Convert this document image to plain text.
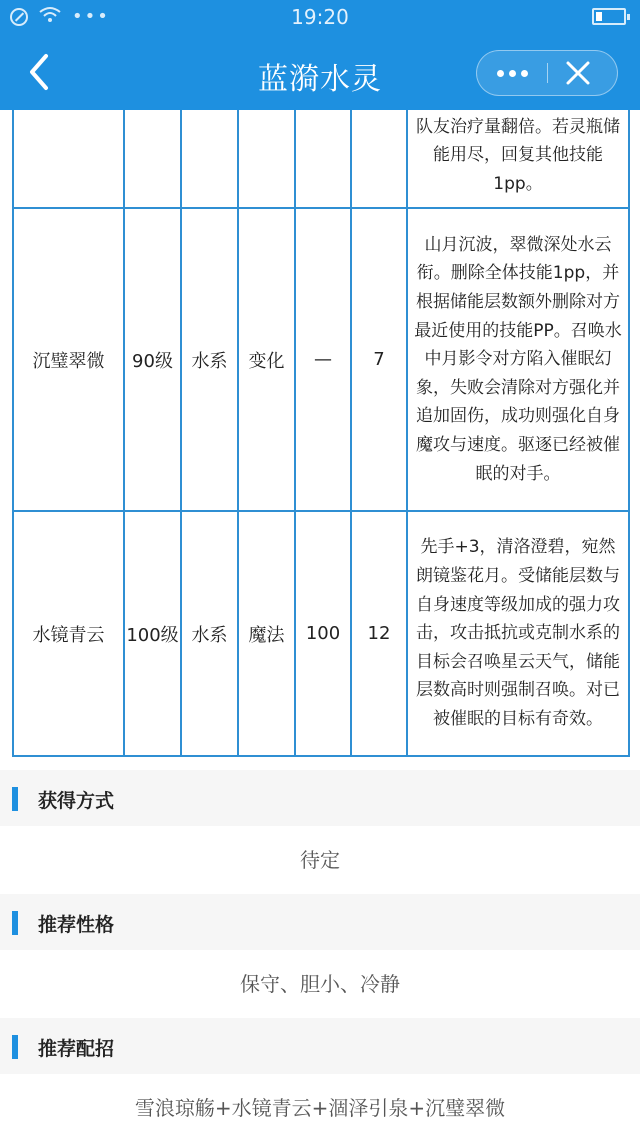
•••	19:20
蓝漪水灵
						队友治疗量翻倍。若灵瓶储能用尽，回复其他技能1pp。
沉璧翠微	90级	水系	变化	—	7	山月沉波，翠微深处水云衔。删除全体技能1pp，并根据储能层数额外删除对方最近使用的技能PP。召唤水中月影令对方陷入催眠幻象，失败会清除对方强化并追加固伤，成功则强化自身魔攻与速度。驱逐已经被催眠的对手。
水镜青云	100级	水系	魔法	100	12	先手+3，清洛澄碧，宛然朗镜鉴花月。受储能层数与自身速度等级加成的强力攻击，攻击抵抗或克制水系的目标会召唤星云天气，储能层数高时则强制召唤。对已被催眠的目标有奇效。
获得方式
待定
推荐性格
保守、胆小、冷静
推荐配招
雪浪琼觞+水镜青云+涸泽引泉+沉璧翠微
